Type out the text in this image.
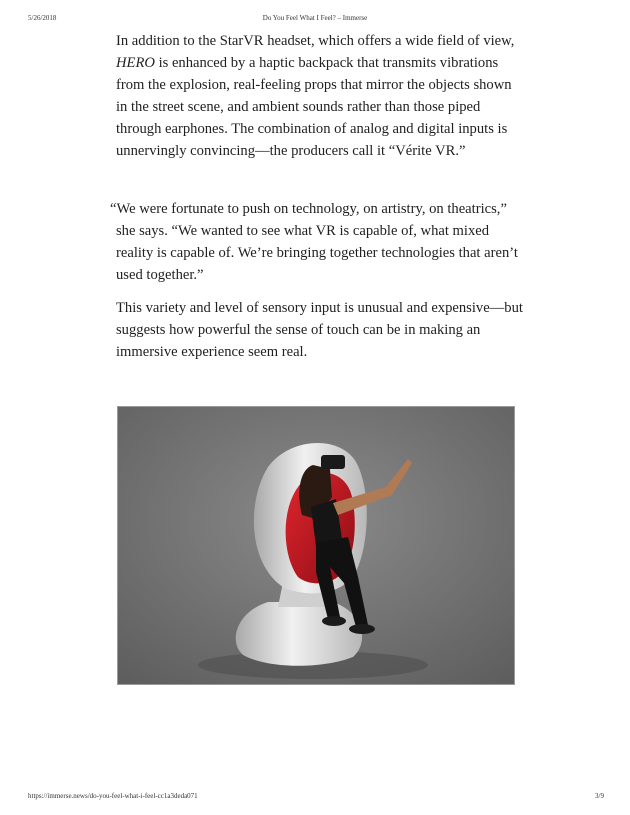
5/26/2018	Do You Feel What I Feel? – Immerse

In addition to the StarVR headset, which offers a wide field of view, HERO is enhanced by a haptic backpack that transmits vibrations from the explosion, real-feeling props that mirror the objects shown in the street scene, and ambient sounds rather than those piped through earphones. The combination of analog and digital inputs is unnervingly convincing—the producers call it “Vérite VR.”

“We were fortunate to push on technology, on artistry, on theatrics,” she says. “We wanted to see what VR is capable of, what mixed reality is capable of. We’re bringing together technologies that aren’t used together.”

This variety and level of sensory input is unusual and expensive—but suggests how powerful the sense of touch can be in making an immersive experience seem real.

https://immerse.news/do-you-feel-what-i-feel-cc1a3deda071	3/9
